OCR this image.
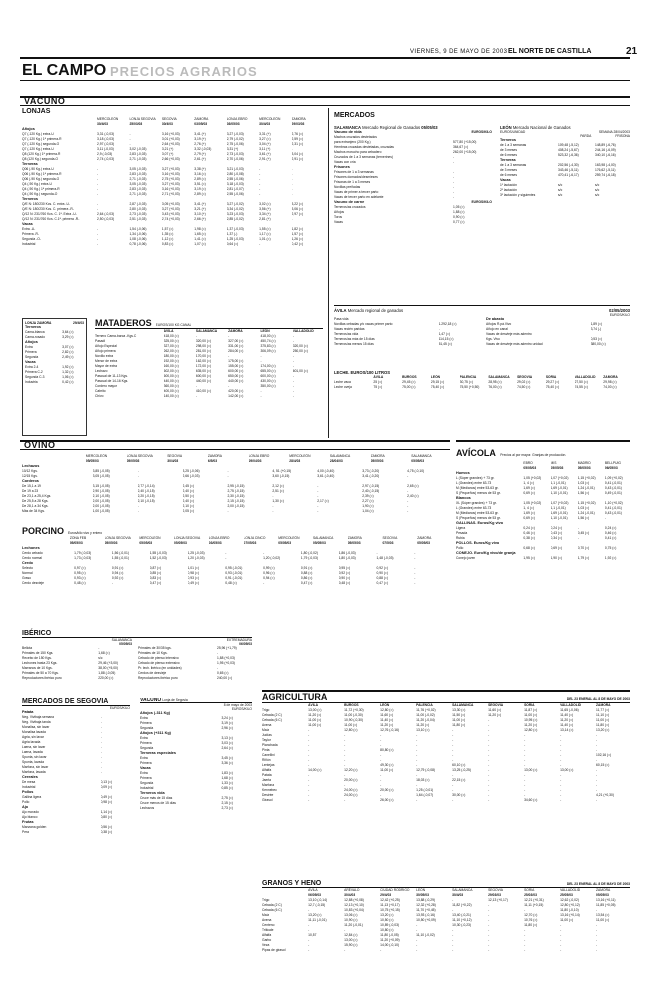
VIERNES, 9 DE MAYO DE 2003 EL NORTE DE CASTILLA	21
EL CAMPO PRECIOS AGRARIOS
VACUNO
LONJAS
MERCOLEÓN	LONJA SEGOVIA	SEGOVIA	ZAMORA	LONJA EBRO	MERCOLEÓN	ZAMORA
30/4/03	25/03/03	30/4/03	03/05/03	03/05/03	30/4/03	29/03/03
Añojos
Q7 (-120 Kg.) extra-U	3,31 (-0,03)	-	3,16 (+0,03)	3,41 (+)	3,27 (-0,03)	3,31 (+)	2,76 (=)
Q7 (-120 Kg.) 1ª primera-R	3,18 (-0,03)	-	3,01 (+0,03)	3,19 (+)	2,79 (-0,02)	3,27 (=)	2,59 (=)
Q7 (-120 Kg.) segunda-O	2,97 (-0,03)	-	2,64 (+0,03)	2,76 (+)	2,75 (-0,06)	3,04 (+)	2,31 (=)
Q7 (-120 Kg.) extra-U	3,11 (-0,03)	3,02 (-0,03)	3,21 (+)	3,32 (-0,03)	3,31 (+)	3,11 (+)	-
Q8 (120 Kg.) 1ª primera-R	2,9 (-0,03)	2,83 (-0,03)	3,07 (+)	2,79 (+)	2,73 (-0,03)	3,61 (+)	3,04 (=)
Q8 (120 Kg.) segunda-O	2,74 (-0,03)	2,71 (-0,03)	2,66 (+0,03)	2,61 (+)	2,70 (-0,06)	2,91 (+)	2,91 (=)
Terneras
Q06 (-90 Kg.) extra-U	-	3,05 (-0,03)	3,27 (+0,03)	3,38 (+)	3,21 (-0,03)	-	-
Q06 (-90 Kg.) 1ª primera-R	-	2,83 (-0,03)	3,16 (+0,03)	3,16 (=)	2,80 (-0,08)	-	-
Q06 (-90 Kg.) segunda-O	-	2,71 (-0,03)	2,75 (+0,03)	2,89 (=)	2,55 (-0,06)	-	-
Q4 (-90 Kg.) extra-U	-	3,05 (-0,03)	3,27 (+0,03)	3,51 (=)	3,18 (-0,03)	-	-
Q4 (-90 Kg.) 1ª primera-R	-	2,83 (-0,03)	3,16 (+0,03)	3,19 (=)	2,81 (-0,07)	-	-
Q4 (-90 Kg.) segunda-O	-	2,71 (-0,03)	2,71 (+0,03)	2,89 (=)	2,55 (-0,06)	-	-
Terneros
Q/E N: 180/230 Kcs. C. extra -U-	-	2,87 (-0,03)	3,05 (+0,03)	3,41 (+)	3,27 (-0,02)	3,02 (=)	3,22 (=)
Q/E N: 180/230 Kcs. C. primera -R-	-	2,80 (-0,03)	3,27 (+0,03)	3,21 (+)	3,34 (-0,02)	3,56 (+)	3,06 (=)
Q/12 N: 231/760 Kcs. C. 1ª. Extra -U-	2,64 (-0,03)	2,73 (-0,03)	3,43 (+0,03)	3,10 (+)	3,23 (-0,03)	3,34 (+)	2,97 (=)
Q/12 N: 231/760 Kcs. C.1ª. primera -R-	2,50 (-0,03)	2,51 (-0,03)	2,74 (+0,03)	2,66 (+)	2,85 (-0,02)	2,81 (+)	-
Vacas
Extra -U-	-	1,54 (-0,06)	1,57 (=)	1,98 (=)	1,37 (-0,03)	1,55 (=)	1,82 (=)
Primera -R-	-	1,34 (-0,06)	1,35 (=)	1,65 (=)	1,37 (-)	1,17 (=)	1,57 (=)
Segunda -O-	-	1,08 (-0,06)	1,12 (=)	1,41 (=)	1,25 (-0,03)	1,01 (=)	1,26 (=)
Industrial	-	0,78 (-0,06)	0,83 (=)	1,07 (=)	0,64 (=)	-	0,42 (=)
MERCADOS
SALAMANCA Mercado Regional de Ganados 05/05/03
Vacuno de vida	EUROS/KILO
Machos cruzados destetados
para extranjero (200 Kg.)	577,80 (+15,00)
Hembras cruzadas destetadas, cruzadas	364,67 (=)
Machos morucho para cebadero	262,00 (+15,00)
Cruzados de 1 a 3 semanas (ternerines)	-
Vacas con cría	-
Frisones
Frisones de 1 a 3 semanas	-
Frisones domados/desmieses	-
Frisonas de 1 a 3 meses	-
Novillas preñadas	-
Vacas de primer a tercer parto	-
Vacas de tercer parto en adelante	-
Vacuno de carne	EUROS/KILO
Terneros/as cruzados	1,05 (=)
Añojos	1,88 (=)
Toros	0,90 (=)
Vacas	0,77 (=)
LEÓN Mercado Nacional de Ganados
EUROS/UNIDAD	SEMANA 28/04/2003
PARDA	FRISONA
Terneros
de 1 a 3 semanas	109,48 (-5,12)	148,89 (-6,76)
de 3 meses	408,24 (-5,67)	244,16 (-6,09)
de 6 meses	523,32 (-6,36)	340,10 (-6,16)
Terneras
de 1 a 3 semanas	202,56 (-4,30)	163,98 (-4,00)
de 3 meses	343,46 (-5,11)	176,62 (-5,11)
de 6 meses	470,41 (-6,17)	259,74 (-6,18)
Vacas
1º lactación	s/c	s/c
2º lactación	s/c	s/c
3º lactación y siguientes	s/c	s/c
ÁVILA Mercado regional de ganados	02/05/2003
EUROS/KILO
Pasa vida
Novillas cebadas y/o vacas primer parto	1.292,18 (=)
Vacas recién paridas	-
Terneros/as vida	1,47 (=)
Terneros/as más de 15 días	114,15 (=)
Terneros/as menos 15 días	51,45 (=)
De abasto
Añojos R.pá.Vivo	1,89 (=)
Añojo en canal	3,74 (-)
Vacas de desvieje más adentro
Kgs. Vivo	0,53 (=)
Vacas de desvieje más adentro unidad	380,00 (=)
LECHE. EUROS/100 LITROS
ÁVILA	BURGOS	LEÓN	PALENCIA	SALAMANCA	SEGOVIA	SORIA	VALLADOLID	ZAMORA
Leche vaca	25 (=)	29,45 (=)	29,15 (=)	30,75 (=)	28,95 (=)	29,02 (=)	29,27 (=)	27,50 (=)	29,98 (=)
Leche oveja	75 (=)	75,00 (=)	75,40 (=)	75,50 (+0,50)	76,00 (=)	74,50 (=)	75,40 (=)	74,55 (=)	74,00 (=)
LONJA ZAMORA	29/4/03
Terneros
Cama-blanca	3,64 (=)
Cama-rosado	3,29 (=)
Añojos
Extra	3,07 (=)
Primera	2,82 (=)
Segunda	2,49 (=)
Vacas
Extra 2-4	1,92 (=)
Primera C-2	1,32 (=)
Segunda C-3	1,06 (=)
Industria	0,42 (=)
MATADEROS EUROS/100 KG CANAL
ÁVILA	SALAMANCA	ZAMORA	LEÓN	VALLADOLID
Ternero Cama-barca -Kgs.C	418,00 (=)	-	-	418,00 (=)	-
Pasadi	325,00 (=)	320,00 (=)	327,00 (=)	450,74 (=)	-
Añojo Especial	327,00 (=)	298,00 (=)	331,00 (=)	375,83 (=)	320,00 (=)
Añojo primera	262,00 (=)	281,00 (=)	284,00 (=)	306,09 (=)	250,00 (=)
Novillo extra	180,00 (=)	170,00 (=)	-	-	-
Menor de extra	192,00 (=)	162,00 (=)	175,00 (=)	-	-
Mayor de extra	160,00 (=)	172,00 (=)	155,00 (=)	174,00 (=)	-
Lechazo	602,00 (=)	635,00 (=)	600,00 (=)	655,00 (=)	601,00 (=)
Pascual de 11-13 Kgs.	600,00 (=)	600,00 (=)	650,00 (=)	600,00 (=)	-
Pascual de 14-16 Kgs.	440,00 (=)	440,00 (=)	440,00 (=)	430,00 (=)	-
Cordero mayor	360,00 (=)	-	-	350,00 (=)	-
Cabrito	400,00 (=)	410,00 (=)	420,00 (=)	-	-
Chivo	140,00 (=)	-	142,00 (=)	-	-
OVINO
MERCOLEÓN	LONJA SEGOVIA	SEGOVIA	ZAMORA	LONJA EBRO	MERCOLEÓN	SALAMANCA	ZAMORA	SALAMANCA
05/05/03	05/05/03	30/4/03	6/5/03	29/04/03	28/4/03	28/04/03	05/05/03	05/05/03
Lechazos
10/12 Kgs.	3,85 (-0,05)	-	3,25 (-0,06)	-	4, 51 (+0,15)	4,00 (-0,40)	3,73 (-0,20)	4,75 (-0,10)
12/15 Kgs.	3,05 (-0,05)	-	2,66 (-0,03)	-	3,60 (-0,15)	3,61 (-0,40)	3,41 (-0,20)	-
Corderos
De 15,1 a 19	3,15 (-0,05)	2,77 (-0,14)	2,45 (=)	2,95 (-0,15)	2,12 (=)	-	2,97 (-0,15)	2,65 (=)
De 19 a 23	2,90 (-0,05)	2,40 (-0,15)	2,40 (=)	2,75 (-0,15)	2,51 (=)	-	2,40 (-0,15)	-
De 23,1 a 25,4 Kgs.	2,10 (-0,05)	2,20 (-0,15)	2,50 (=)	2,30 (-0,15)	-	-	2,39 (=)	2,40 (=)
De 25,5 a 28 Kgs.	2,00 (-0,05)	2,10 (-0,15)	2,40 (=)	2,15 (-0,15)	1,30 (=)	2,17 (=)	2,27 (=)	-
De 28,1 a 34 Kgs.	2,00 (-0,05)	-	2,10 (=)	2,00 (-0,15)	-	-	1,90 (=)	-
Más de 34 Kgs.	1,00 (-0,05)	-	2,05 (=)	-	-	-	1,04 (=)	-
PORCINO Euros/kilo vivo y entero
ZONA FEB	LONJA SEGOVIA	MERCOLEÓN	LONJA SEGOVIA	LONJA EBRO	LONJA CINCO	MERCOLEÓN	SALAMANCA	ZAMORA	SEGOVIA	ZAMORA
05/05/03	05/05/03	05/05/03	05/05/03	03/05/03	07/05/03	05/05/03	05/05/03	05/05/03	07/5/03	05/05/03
Lechones
Cerdo cebado	1,79 (-0,03)	1,56 (-0,01)	1,55 (-0,03)	1,25 (-0,03)	-	-	1,80 (-0,02)	1,86 (-0,03)	-	-
Cerdo normal	1,73 (-0,03)	1,55 (-0,01)	1,52 (-0,03)	1,20 (-0,03)	-	1,20 (-0,02)	1,79 (-0,03)	1,80 (-0,03)	1,48 (-0,03)	-
Cerdo
Selecto	0,97 (=)	0,91 (=)	0,87 (=)	1,01 (=)	0,95 (-0,01)	0,99 (=)	0,91 (=)	0,95 (=)	0,92 (=)	-
Normal	0,95 (=)	0,94 (=)	0,85 (=)	0,98 (=)	0,93 (-0,01)	0,96 (=)	0,88 (=)	0,92 (=)	0,90 (=)	-
Graso	0,93 (=)	0,92 (=)	0,83 (=)	0,93 (=)	0,91 (-0,01)	0,94 (=)	0,86 (=)	0,90 (=)	0,88 (=)	-
Cerdo desvieje	0,48 (=)	-	0,47 (=)	0,49 (=)	0,48 (=)	-	0,47 (=)	0,48 (=)	0,47 (=)	-
IBÉRICO
SALAMANCA
05/05/03
Bellota	-
Primales de 150 Kgs.	1,68 (=)
Recebo de 150 Kgs.	s/c
Lechones hasta 23 Kgs.	29,46 (+3,00)
Marranos de 10 Kgs.	38,00 (+5,00)
Primales de 50 a 70 Kgs.	1,88 (-0,05)
Reproductores ibérico puro	220,00 (=)
EXTREMADURA
06/05/03
Primales de 30/35 kgs.	25,96 (+1,79)
Primales de 10 Kgs.	-
Cebado de pienso intensivo	1,88 (+0,03)
Cebado de pienso extensivo	1,95 (+0,03)
Pr. lech. ibérico (en unidades)	-
Cerdos de desvieje	0,65 (=)
Reproductores ibérico puro	240,00 (=)
MERCADOS DE SEGOVIA
EUROS/KILO
Patata
Neg. Vivibaja semana	-
Neg. Vivibaja tanda	-
Monalisa, sin lavar	-
Monalisa lavada	-
Agria, sin lavar	-
Agria lavada	-
Laena, sin lavar	-
Laena, lavada	-
Spunta, sin lavar	-
Spunta, lavada	-
Marfona, sin lavar	-
Marfona, lavada	-
Cereales
De mesa	0,13 (=)
Industrial	0,09 (=)
Pollos
Gallina ligera	0,49 (=)
Pollo	0,98 (=)
Ajo
Ajo morado	1,14 (=)
Ajo blanco	0,80 (=)
Frutas
Manzana golden	0,56 (=)
Pera	0,38 (=)
VACUNO Lonja de Segovia
8 de mayo de 2003
EUROS/KILO
Añojos (-311 Kg)
Extra	3,24 (=)
Primera	3,19 (=)
Segunda	2,96 (=)
Añojos (+311 Kg)
Extra	3,13 (=)
Primera	3,03 (=)
Segunda	2,64 (=)
Terneras especiales
Extra	3,45 (=)
Primera	3,36 (=)
Vacas
Extra	1,83 (=)
Primera	1,68 (=)
Segunda	1,33 (=)
Industrial	0,85 (=)
Terneros vida
Cruce más de 15 días	2,75 (=)
Cruce menos de 15 días	2,15 (=)
Lechazos	2,73 (=)
AVÍCOLA Precios al por mayor. Granjas de producción.
EBRO	MIS	MADRID	BELLPUIG
05/05/03	05/05/03	05/05/03	06/05/03
Huevos
L (Súper grandes) + 73 gr.	1,05 (+0,02)	1,07 (+0,02)	1,15 (+0,02)	1,09 (+0,02)
L (Grandes) entre 63-73	1, 4 (=)	1,1 (-0,01)	1,03 (=)	0,41 (-0,01)
M (Medianos) entre 53-63 gr.	1,69 (=)	1,69 (-0,01)	1,24 (-0,01)	0,43 (-0,01)
S (Pequeños) menos de 53 gr.	0,69 (=)	1,10 (-0,01)	1,56 (=)	0,49 (-0,01)
Blancos
XL (Súper grandes) + 73 gr.	1,05 (+0,02)	1,07 (+0,02)	1,15 (+0,02)	1,10 (+0,02)
L (Grandes) entre 63-73	1, 4 (=)	1,1 (-0,01)	1,03 (=)	0,41 (-0,01)
M (Medianos) entre 53-63 gr.	1,69 (=)	1,69 (-0,01)	1,24 (-0,01)	0,43 (-0,01)
S (Pequeños) menos de 53 gr.	0,69 (=)	1,10 (-0,01)	1,56 (=)	-
GALLINAS. Euros/Kg vivo
Ligera	0,24 (=)	0,24 (=)	-	0,24 (=)
Pesada	0,46 (=)	0,43 (=)	0,45 (=)	0,46 (=)
Rubia	0,38 (=)	0,34 (=)	-	0,41 (=)
POLLOS. Euros/Kg vivo
Pollo	0,68 (=)	0,69 (=)	0,70 (=)	0,75 (=)
CONEJO. Euro/Kg vivo/de granja
Conejo joven	1,95 (=)	1,90 (=)	1,79 (=)	1,92 (=)
AGRICULTURA	DEL 23 ENERAL AL 8 DE MAYO DE 2003
ÁVILA	BURGOS	LEÓN	PALENCIA	SALAMANCA	SEGOVIA	SORIA	VALLADOLID	ZAMORA
Trigo	13,00 (=)	11,72 (+0,30)	12,80 (=)	11,76 (+0,02)	13,30 (=)	11,60 (=)	11,87 (=)	11,65 (-0,06)	11,77 (=)
Cebada (2 C)	11,20 (=)	11,00 (-0,30)	11,60 (=)	11,00 (-0,02)	11,50 (=)	11,20 (=)	11,00 (=)	11,40 (=)	11,10 (=)
Cebada (6 C)	11,00 (=)	10,90 (-0,30)	11,40 (=)	11,20 (-0,04)	11,00 (=)	-	10,95 (=)	11,20 (=)	11,00 (=)
Avena	11,00 (=)	11,00 (=)	11,20 (=)	11,20 (=)	11,80 (=)	-	11,20 (=)	11,40 (=)	11,80 (=)
Maíz	-	12,80 (=)	12,76 (-0,16)	13,10 (=)	-	-	12,80 (=)	13,14 (=)	13,20 (=)
Judías	-	-	-	-	-	-	-	-	-
Taylor	-	-	-	-	-	-	-	-	-
Planchada	-	-	-	-	-	-	-	-	-
Pinta	-	-	80,80 (=)	-	-	-	-	-	-
Canellini	-	-	-	-	-	-	-	-	102,16 (=)
Riñón	-	-	-	-	-	-	-	-	-
Lentejas	-	-	49,30 (=)	-	60,10 (=)	-	-	-	60,15 (=)
Alfalfa	14,00 (=)	12,20 (=)	11,00 (=)	12,79 (-0,08)	13,25 (-0,25)	-	13,00 (=)	13,00 (=)	-
Patata	-	-	-	-	-	-	-	-	-
Jaerla	-	20,00 (=)	-	18,03 (=)	22,15 (=)	-	-	-	-
Marfona	-	-	-	-	-	-	-	-	-
Kennebec	-	24,00 (=)	20,00 (=)	1,25 (-0,01)	-	-	-	-	-
Desirée	-	24,00 (=)	-	1,64 (-0,07)	30,00 (=)	-	-	-	4,21 (+0,30)
Girasol	-	-	26,00 (=)	-	-	-	34,60 (=)	-	-
GRANOS Y HENO	DEL 23 ENERAL AL 8 DE MAYO DE 2003
ÁVILA	ARÉVALO	CIUDAD RODRIGO	LEÓN	SALAMANCA	SEGOVIA	SORIA	VALLADOLID	ZAMORA
06/05/03	30/4/03	29/4/03	30/05/03	30/4/03	29/03/03	25/03/03	25/05/03	05/05/03
Trigo	13,10 (-0,14)	12,88 (+0,08)	12,42 (+0,25)	13,88 (-0,29)	-	12,13 (+0,17)	12,21 (+0,31)	12,62 (-0,02)	13,16 (+0,11)
Cebada (2 C)	12,7 (-0,15)	12,13 (+0,10)	11,13 (+0,17)	12,32 (+0,28)	11,82 (+0,22)	-	11,11 (+0,15)	12,80 (+0,12)	11,85 (+0,05)
Cebada (6 C)	-	10,83 (+0,04)	10,75 (+0,15)	11,70 (+0,45)	-	-	-	11,80 (-0,10)	-
Maíz	13,20 (=)	13,06 (=)	13,20 (=)	13,93 (-0,16)	13,40 (-0,21)	-	12,70 (=)	13,16 (+0,14)	13,54 (=)
Avena	11,11 (-0,01)	10,90 (=)	10,50 (=)	10,50 (+0,09)	11,10 (+0,12)	-	10,76 (=)	11,00 (=)	11,00 (=)
Centeno	-	11,20 (-0,01)	10,89 (-0,03)	-	10,30 (-0,23)	-	11,80 (=)	-	-
Triticale	-	-	10,80 (=)	-	-	-	-	-	-
Alfalfa	10,57	12,84 (=)	11,80 (-0,05)	11,10 (-0,02)	-	-	-	-	-
Garbo	-	13,00 (=)	11,20 (+0,09)	-	-	-	-	-	-
Veza	-	15,90 (=)	14,00 (-0,10)	-	-	-	-	-	-
Pipas de girasol	-	-	-	-	-	-	-	-	-
